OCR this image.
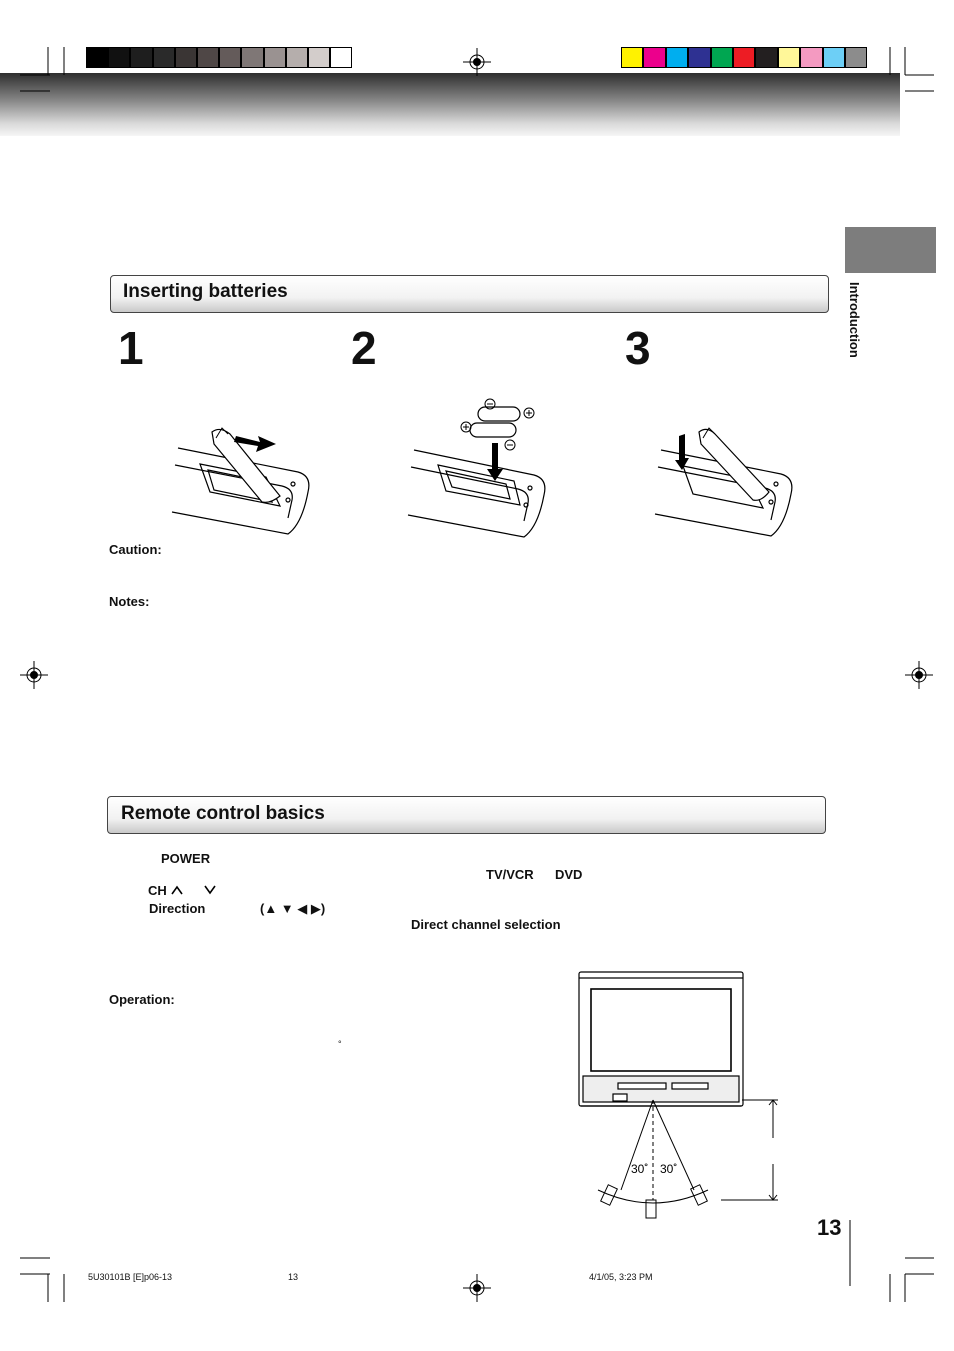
Introduction
Inserting batteries
1	2	3
Caution:
Notes:
Remote control basics
POWER
CH
Direction	(▲ ▼ ◀ ▶)
TV/VCR DVD
Direct channel selection
Operation:
°
30˚ 30˚
13
5U30101B [E]p06-13	13	4/1/05, 3:23 PM
